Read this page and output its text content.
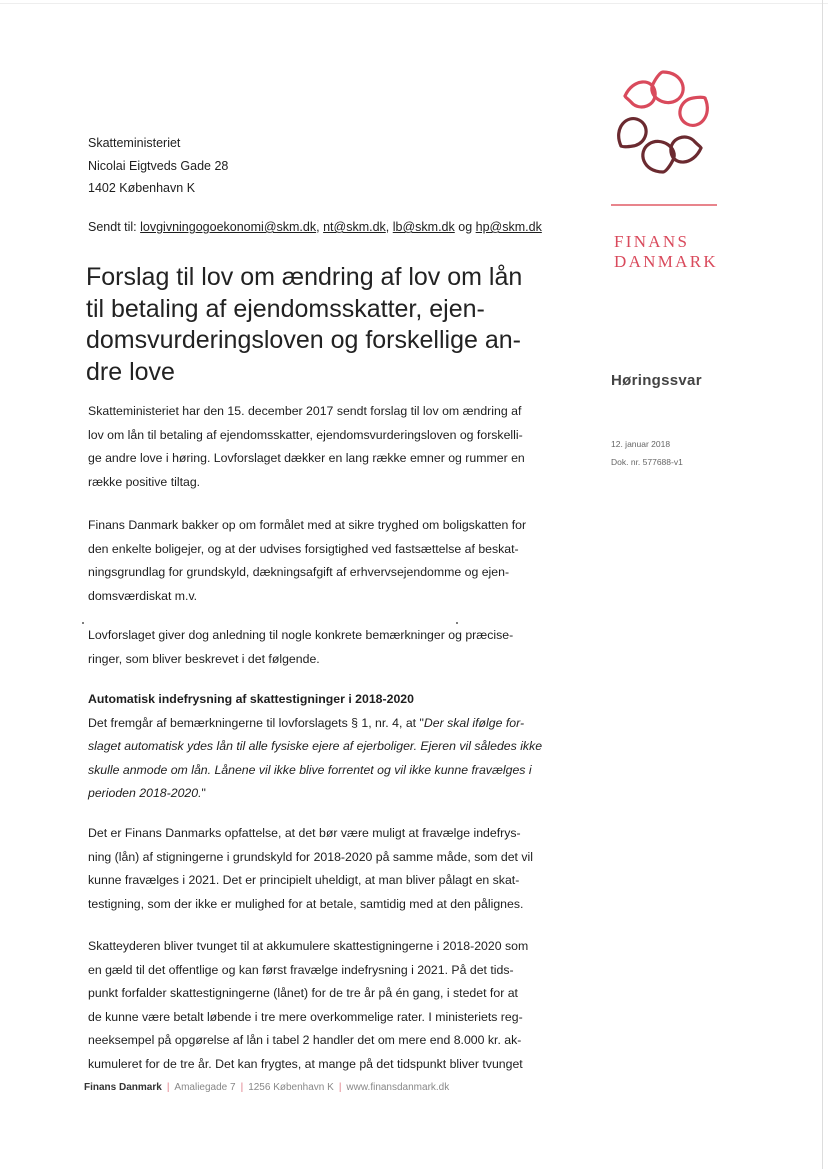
Skatteministeriet
Nicolai Eigtveds Gade 28
1402 København K
Sendt til: lovgivningogoekonomi@skm.dk, nt@skm.dk, lb@skm.dk og hp@skm.dk
Forslag til lov om ændring af lov om lån
til betaling af ejendomsskatter, ejen-
domsvurderingsloven og forskellige an-
dre love
Skatteministeriet har den 15. december 2017 sendt forslag til lov om ændring af
lov om lån til betaling af ejendomsskatter, ejendomsvurderingsloven og forskelli-
ge andre love i høring. Lovforslaget dækker en lang række emner og rummer en
række positive tiltag.
Finans Danmark bakker op om formålet med at sikre tryghed om boligskatten for
den enkelte boligejer, og at der udvises forsigtighed ved fastsættelse af beskat-
ningsgrundlag for grundskyld, dækningsafgift af erhvervsejendomme og ejen-
domsværdiskat m.v.
Lovforslaget giver dog anledning til nogle konkrete bemærkninger og præcise-
ringer, som bliver beskrevet i det følgende.
Automatisk indefrysning af skattestigninger i 2018-2020
Det fremgår af bemærkningerne til lovforslagets § 1, nr. 4, at "Der skal ifølge for-
slaget automatisk ydes lån til alle fysiske ejere af ejerboliger. Ejeren vil således ikke
skulle anmode om lån. Lånene vil ikke blive forrentet og vil ikke kunne fravælges i
perioden 2018-2020."
Det er Finans Danmarks opfattelse, at det bør være muligt at fravælge indefrys-
ning (lån) af stigningerne i grundskyld for 2018-2020 på samme måde, som det vil
kunne fravælges i 2021. Det er principielt uheldigt, at man bliver pålagt en skat-
testigning, som der ikke er mulighed for at betale, samtidig med at den pålignes.
Skatteyderen bliver tvunget til at akkumulere skattestigningerne i 2018-2020 som
en gæld til det offentlige og kan først fravælge indefrysning i 2021. På det tids-
punkt forfalder skattestigningerne (lånet) for de tre år på én gang, i stedet for at
de kunne være betalt løbende i tre mere overkommelige rater. I ministeriets reg-
neeksempel på opgørelse af lån i tabel 2 handler det om mere end 8.000 kr. ak-
kumuleret for de tre år. Det kan frygtes, at mange på det tidspunkt bliver tvunget
FINANS
DANMARK
Høringssvar
12. januar 2018
Dok. nr. 577688-v1
Finans Danmark | Amaliegade 7 | 1256 København K | www.finansdanmark.dk
